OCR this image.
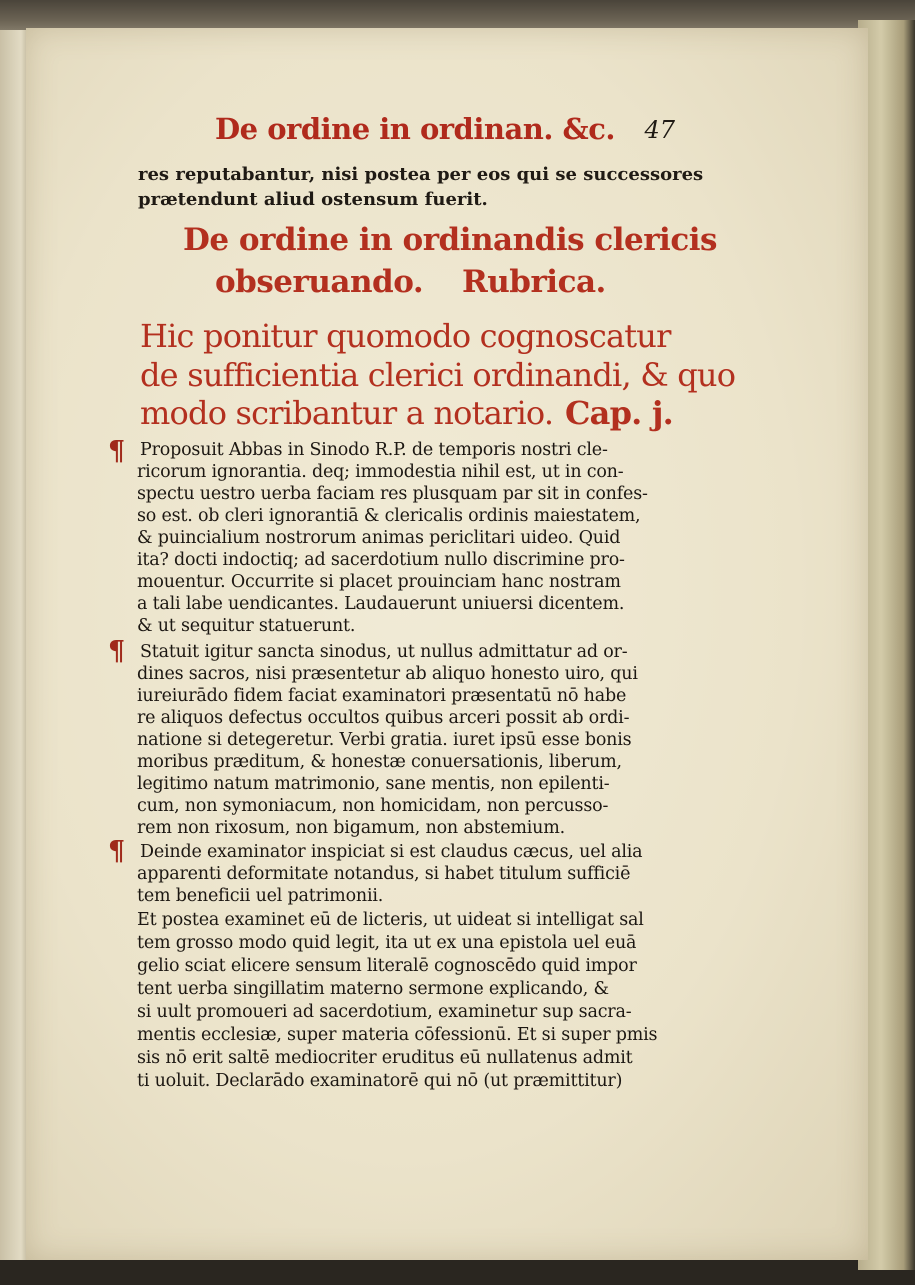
De ordine in ordinan. &c. 47
res reputabantur, nisi postea per eos qui se successores
prætendunt aliud ostensum fuerit.
De ordine in ordinandis clericis
obseruando. Rubrica.
Hic ponitur quomodo cognoscatur
de sufficientia clerici ordinandi, & quo
modo scribantur a notario. Cap. j.
¶
¶
¶
Proposuit Abbas in Sinodo R.P. de temporis nostri cle-
ricorum ignorantia. deq; immodestia nihil est, ut in con-
spectu uestro uerba faciam res plusquam par sit in confes-
so est. ob cleri ignorantiā & clericalis ordinis maiestatem,
& puincialium nostrorum animas periclitari uideo. Quid
ita? docti indoctiq; ad sacerdotium nullo discrimine pro-
mouentur. Occurrite si placet prouinciam hanc nostram
a tali labe uendicantes. Laudauerunt uniuersi dicentem.
& ut sequitur statuerunt.
Statuit igitur sancta sinodus, ut nullus admittatur ad or-
dines sacros, nisi præsentetur ab aliquo honesto uiro, qui
iureiurādo fidem faciat examinatori præsentatū nō habe
re aliquos defectus occultos quibus arceri possit ab ordi-
natione si detegeretur. Verbi gratia. iuret ipsū esse bonis
moribus præditum, & honestæ conuersationis, liberum,
legitimo natum matrimonio, sane mentis, non epilenti-
cum, non symoniacum, non homicidam, non percusso-
rem non rixosum, non bigamum, non abstemium.
Deinde examinator inspiciat si est claudus cæcus, uel alia
apparenti deformitate notandus, si habet titulum sufficiē
tem beneficii uel patrimonii.
Et postea examinet eū de licteris, ut uideat si intelligat sal
tem grosso modo quid legit, ita ut ex una epistola uel euā
gelio sciat elicere sensum literalē cognoscēdo quid impor
tent uerba singillatim materno sermone explicando, &
si uult promoueri ad sacerdotium, examinetur sup sacra-
mentis ecclesiæ, super materia cōfessionū. Et si super pmis
sis nō erit saltē mediocriter eruditus eū nullatenus admit
ti uoluit. Declarādo examinatorē qui nō (ut præmittitur)
